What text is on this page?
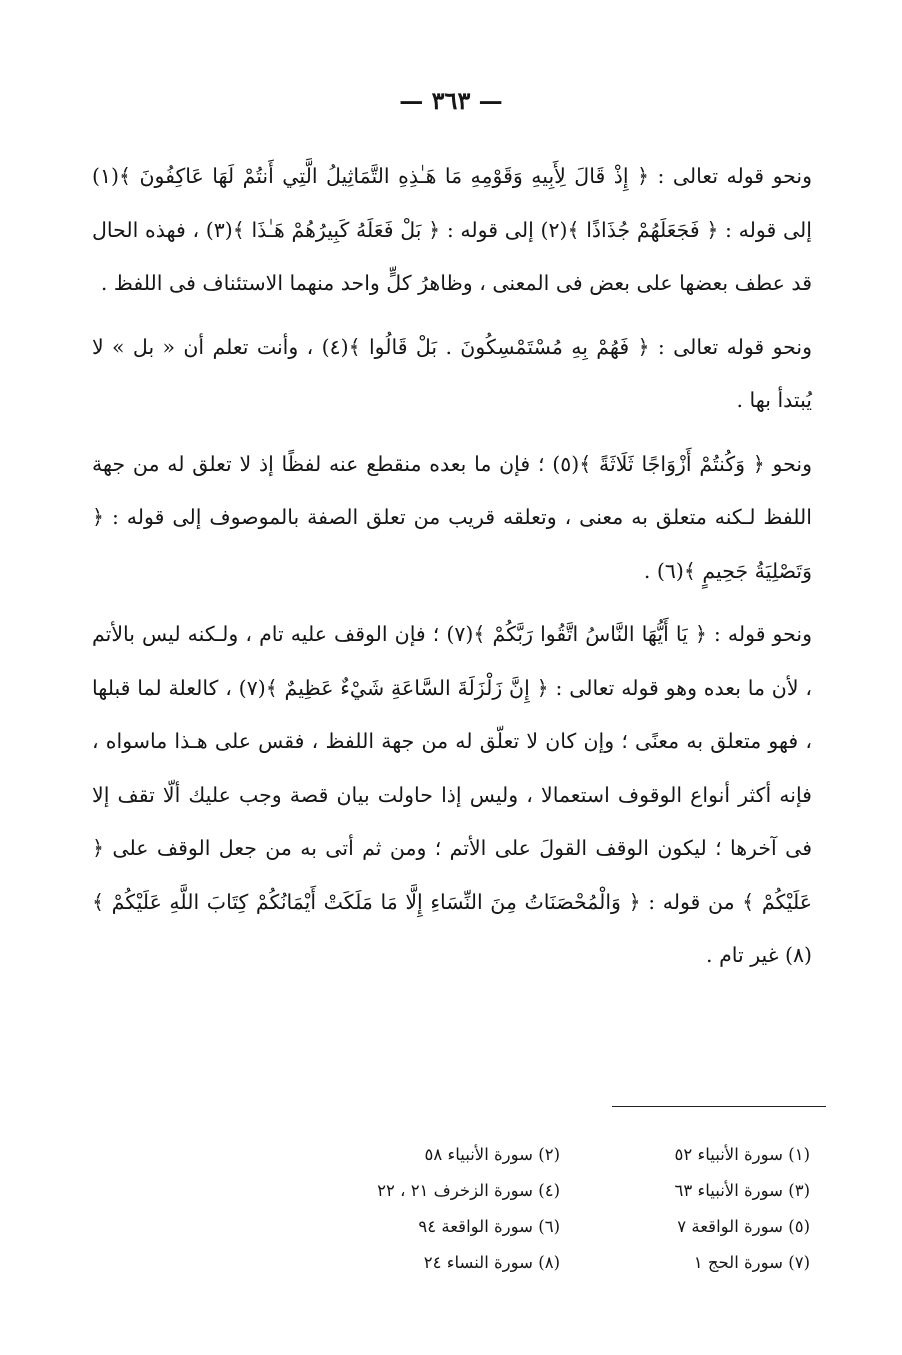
— ٣٦٣ —

ونحو قوله تعالى : ﴿ إِذْ قَالَ لِأَبِيهِ وَقَوْمِهِ مَا هَـٰذِهِ التَّمَاثِيلُ الَّتِي أَنتُمْ لَهَا عَاكِفُونَ ﴾(١) إلى قوله : ﴿ فَجَعَلَهُمْ جُذَاذًا ﴾(٢) إلى قوله : ﴿ بَلْ فَعَلَهُ كَبِيرُهُمْ هَـٰذَا ﴾(٣) ، فهذه الحال قد عطف بعضها على بعض فى المعنى ، وظاهرُ كلٍّ واحد منهما الاستئناف فى اللفظ .

ونحو قوله تعالى : ﴿ فَهُمْ بِهِ مُسْتَمْسِكُونَ . بَلْ قَالُوا ﴾(٤) ، وأنت تعلم أن « بل » لا يُبتدأ بها .

ونحو ﴿ وَكُنتُمْ أَزْوَاجًا ثَلَاثَةً ﴾(٥) ؛ فإن ما بعده منقطع عنه لفظًا إذ لا تعلق له من جهة اللفظ لـكنه متعلق به معنى ، وتعلقه قريب من تعلق الصفة بالموصوف إلى قوله : ﴿ وَتَصْلِيَةُ جَحِيمٍ ﴾(٦) .

ونحو قوله : ﴿ يَا أَيُّهَا النَّاسُ اتَّقُوا رَبَّكُمْ ﴾(٧) ؛ فإن الوقف عليه تام ، ولـكنه ليس بالأتم ، لأن ما بعده وهو قوله تعالى : ﴿ إِنَّ زَلْزَلَةَ السَّاعَةِ شَيْءٌ عَظِيمٌ ﴾(٧) ، كالعلة لما قبلها ، فهو متعلق به معنًى ؛ وإن كان لا تعلّق له من جهة اللفظ ، فقس على هـذا ماسواه ، فإنه أكثر أنواع الوقوف استعمالا ، وليس إذا حاولت بيان قصة وجب عليك ألّا تقف إلا فى آخرها ؛ ليكون الوقف القولَ على الأتم ؛ ومن ثم أتى به من جعل الوقف على ﴿ عَلَيْكُمْ ﴾ من قوله : ﴿ وَالْمُحْصَنَاتُ مِنَ النِّسَاءِ إِلَّا مَا مَلَكَتْ أَيْمَانُكُمْ كِتَابَ اللَّهِ عَلَيْكُمْ ﴾(٨) غير تام .

(١) سورة الأنبياء ٥٢
(٢) سورة الأنبياء ٥٨
(٣) سورة الأنبياء ٦٣
(٤) سورة الزخرف ٢١ ، ٢٢
(٥) سورة الواقعة ٧
(٦) سورة الواقعة ٩٤
(٧) سورة الحج ١
(٨) سورة النساء ٢٤
